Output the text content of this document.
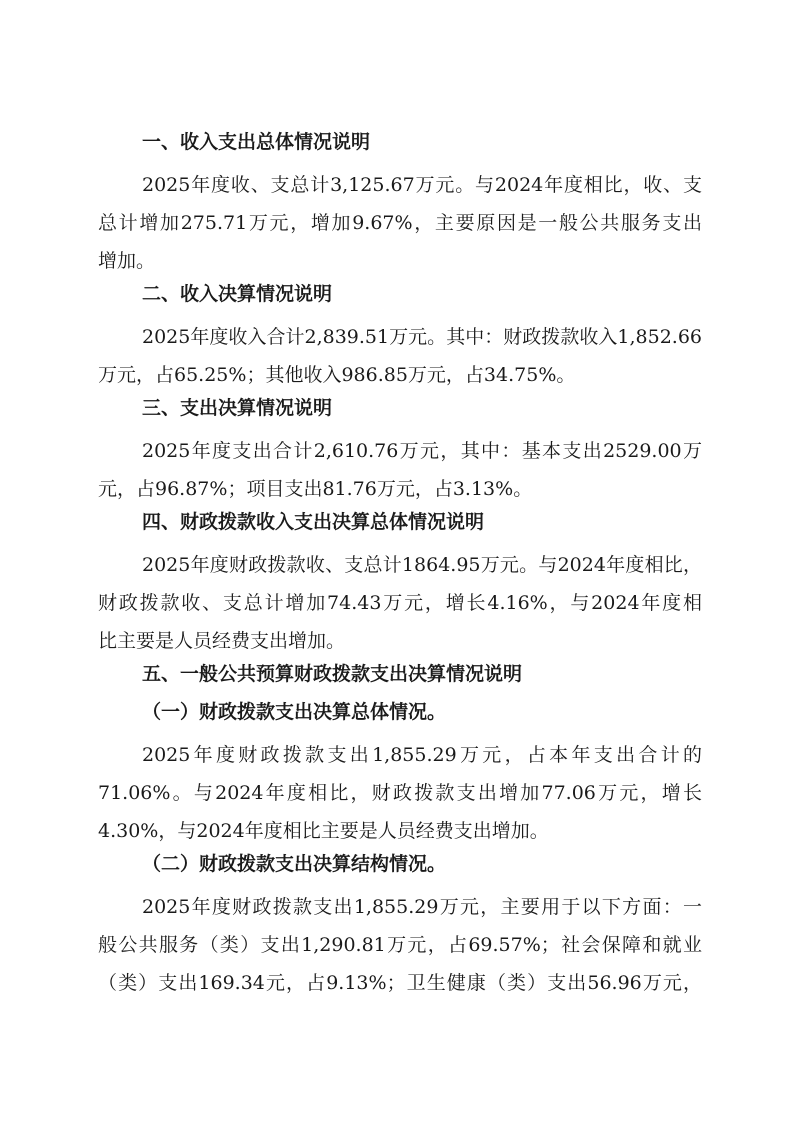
一、收入支出总体情况说明
2025年度收、支总计3,125.67万元。与2024年度相比，收、支
总计增加275.71万元，增加9.67%，主要原因是一般公共服务支出
增加。
二、收入决算情况说明
2025年度收入合计2,839.51万元。其中：财政拨款收入1,852.66
万元，占65.25%；其他收入986.85万元，占34.75%。
三、支出决算情况说明
2025年度支出合计2,610.76万元，其中：基本支出2529.00万
元，占96.87%；项目支出81.76万元，占3.13%。
四、财政拨款收入支出决算总体情况说明
2025年度财政拨款收、支总计1864.95万元。与2024年度相比，
财政拨款收、支总计增加74.43万元，增长4.16%，与2024年度相
比主要是人员经费支出增加。
五、一般公共预算财政拨款支出决算情况说明
（一）财政拨款支出决算总体情况。
2025年度财政拨款支出1,855.29万元，占本年支出合计的
71.06%。与2024年度相比，财政拨款支出增加77.06万元，增长
4.30%，与2024年度相比主要是人员经费支出增加。
（二）财政拨款支出决算结构情况。
2025年度财政拨款支出1,855.29万元，主要用于以下方面：一
般公共服务（类）支出1,290.81万元，占69.57%；社会保障和就业
（类）支出169.34元，占9.13%；卫生健康（类）支出56.96万元，
